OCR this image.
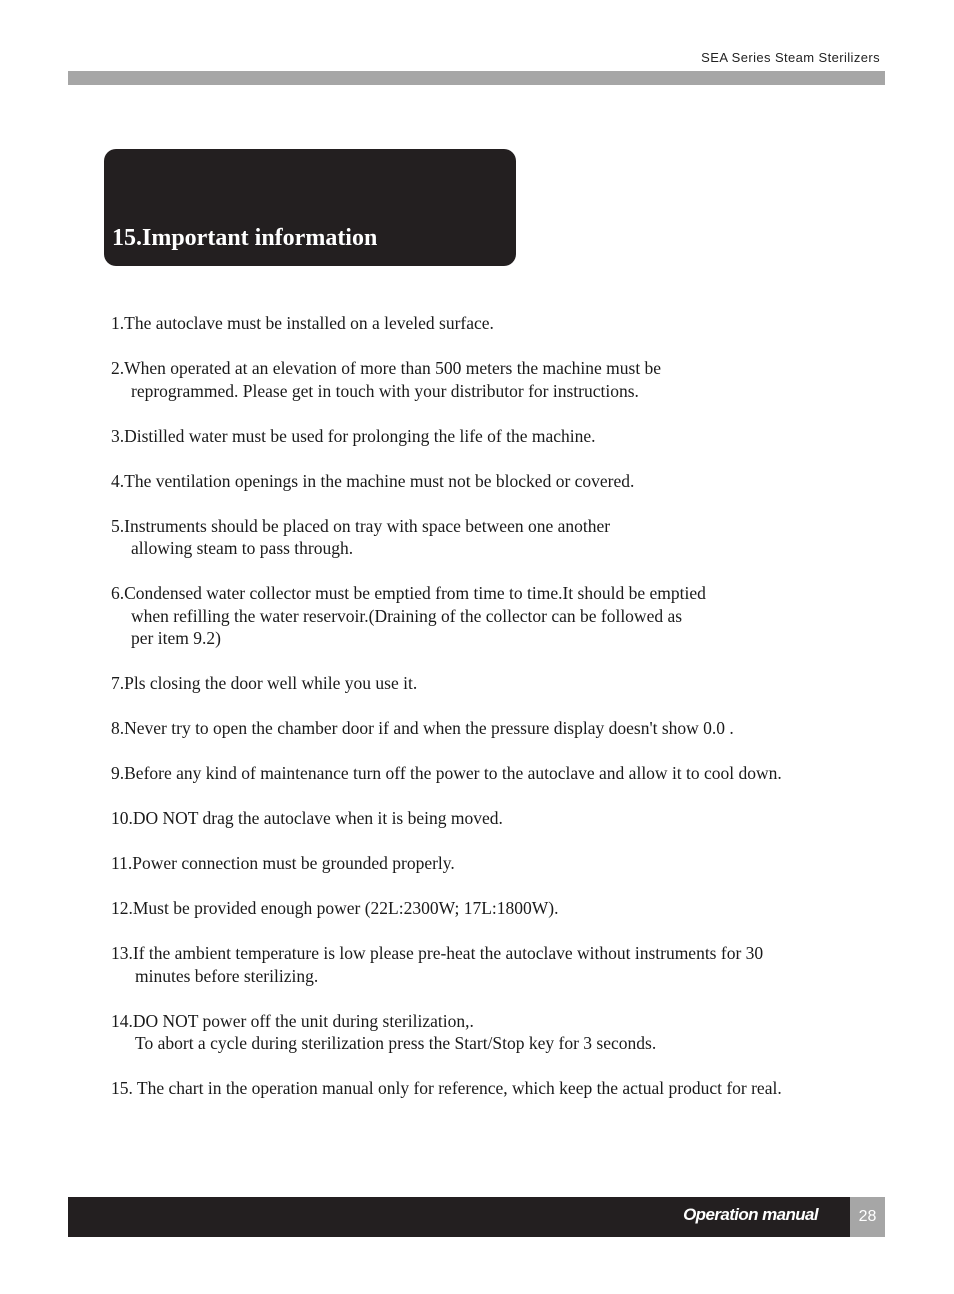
SEA Series Steam Sterilizers
15.Important information
1.The autoclave must be installed on a leveled surface.
2.When operated at an elevation of more than 500 meters the machine must be
reprogrammed. Please get in touch with your distributor for instructions.
3.Distilled water must be used for prolonging the life of the machine.
4.The ventilation openings in the machine must not be blocked or covered.
5.Instruments should be placed on tray with space between one another
allowing steam to pass through.
6.Condensed water collector must be emptied from time to time.It should be emptied
when refilling the water reservoir.(Draining of the collector can be followed as
per item 9.2)
7.Pls closing the door well while you use it.
8.Never try to open the chamber door if and when the pressure display doesn't show 0.0 .
9.Before any kind of maintenance turn off the power to the autoclave and allow it to cool down.
10.DO NOT drag the autoclave when it is being moved.
11.Power connection must be grounded properly.
12.Must be provided enough power (22L:2300W; 17L:1800W).
13.If the ambient temperature is low please pre-heat the autoclave without instruments for 30
minutes before sterilizing.
14.DO NOT power off the unit during sterilization,.
To abort a cycle during sterilization press the Start/Stop key for 3 seconds.
15. The chart in the operation manual only for reference, which keep the actual product for real.
Operation manual	28
